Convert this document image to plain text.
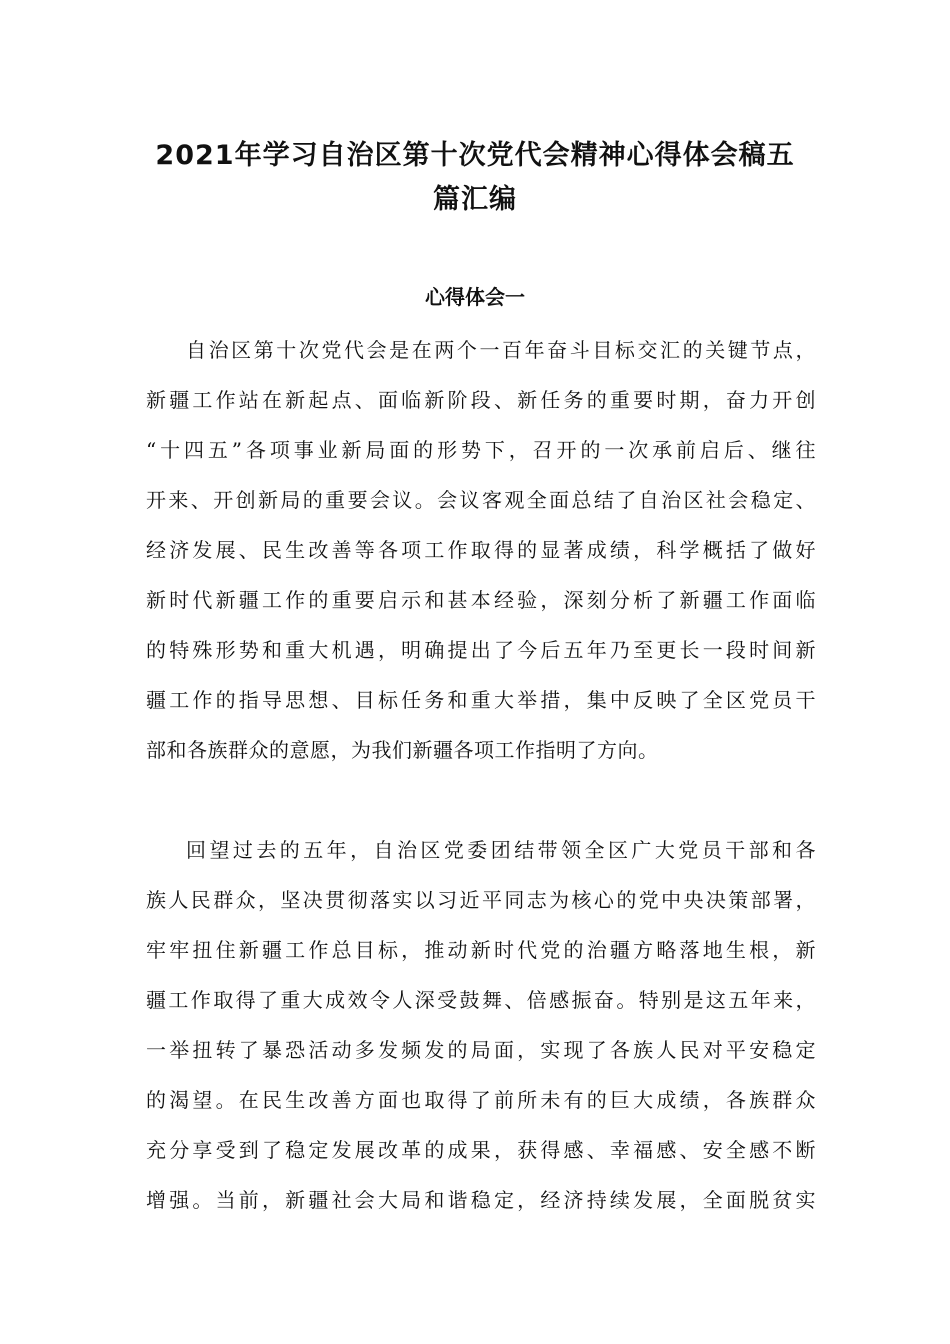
2021年学习自治区第十次党代会精神心得体会稿五
篇汇编
心得体会一
自治区第十次党代会是在两个一百年奋斗目标交汇的关键节点，
新疆工作站在新起点、面临新阶段、新任务的重要时期，奋力开创
“十四五”各项事业新局面的形势下，召开的一次承前启后、继往
开来、开创新局的重要会议。会议客观全面总结了自治区社会稳定、
经济发展、民生改善等各项工作取得的显著成绩，科学概括了做好
新时代新疆工作的重要启示和甚本经验，深刻分析了新疆工作面临
的特殊形势和重大机遇，明确提出了今后五年乃至更长一段时间新
疆工作的指导思想、目标任务和重大举措，集中反映了全区党员干
部和各族群众的意愿，为我们新疆各项工作指明了方向。
回望过去的五年，自治区党委团结带领全区广大党员干部和各
族人民群众，坚决贯彻落实以习近平同志为核心的党中央决策部署，
牢牢扭住新疆工作总目标，推动新时代党的治疆方略落地生根，新
疆工作取得了重大成效令人深受鼓舞、倍感振奋。特别是这五年来，
一举扭转了暴恐活动多发频发的局面，实现了各族人民对平安稳定
的渴望。在民生改善方面也取得了前所未有的巨大成绩，各族群众
充分享受到了稳定发展改革的成果，获得感、幸福感、安全感不断
增强。当前，新疆社会大局和谐稳定，经济持续发展，全面脱贫实
